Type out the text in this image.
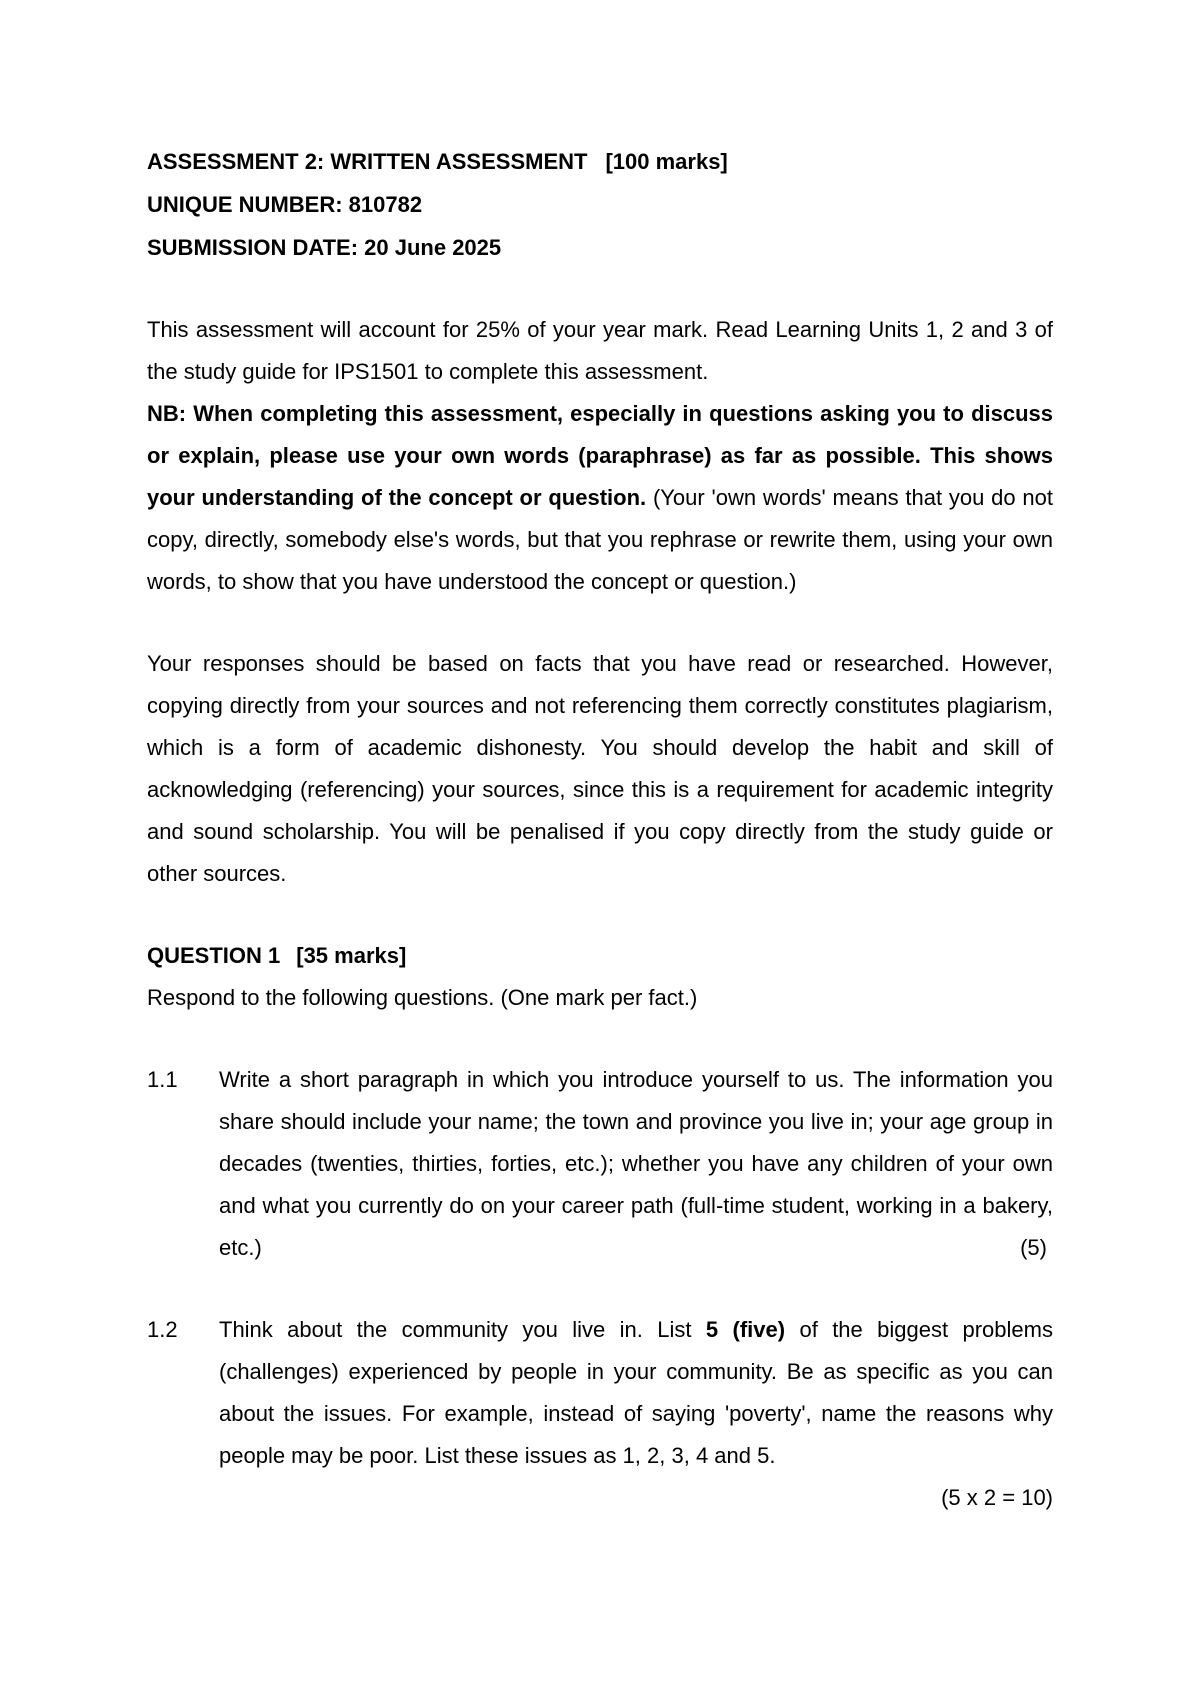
ASSESSMENT 2: WRITTEN ASSESSMENT [100 marks]

UNIQUE NUMBER: 810782

SUBMISSION DATE: 20 June 2025

This assessment will account for 25% of your year mark. Read Learning Units 1, 2 and 3 of the study guide for IPS1501 to complete this assessment.
NB: When completing this assessment, especially in questions asking you to discuss or explain, please use your own words (paraphrase) as far as possible. This shows your understanding of the concept or question. (Your 'own words' means that you do not copy, directly, somebody else's words, but that you rephrase or rewrite them, using your own words, to show that you have understood the concept or question.)

Your responses should be based on facts that you have read or researched. However, copying directly from your sources and not referencing them correctly constitutes plagiarism, which is a form of academic dishonesty. You should develop the habit and skill of acknowledging (referencing) your sources, since this is a requirement for academic integrity and sound scholarship. You will be penalised if you copy directly from the study guide or other sources.

QUESTION 1 [35 marks]

Respond to the following questions. (One mark per fact.)

1.1	Write a short paragraph in which you introduce yourself to us. The information you share should include your name; the town and province you live in; your age group in decades (twenties, thirties, forties, etc.); whether you have any children of your own and what you currently do on your career path (full-time student, working in a bakery, etc.)	(5)
1.2	Think about the community you live in. List 5 (five) of the biggest problems (challenges) experienced by people in your community. Be as specific as you can about the issues. For example, instead of saying 'poverty', name the reasons why people may be poor. List these issues as 1, 2, 3, 4 and 5.
(5 x 2 = 10)
